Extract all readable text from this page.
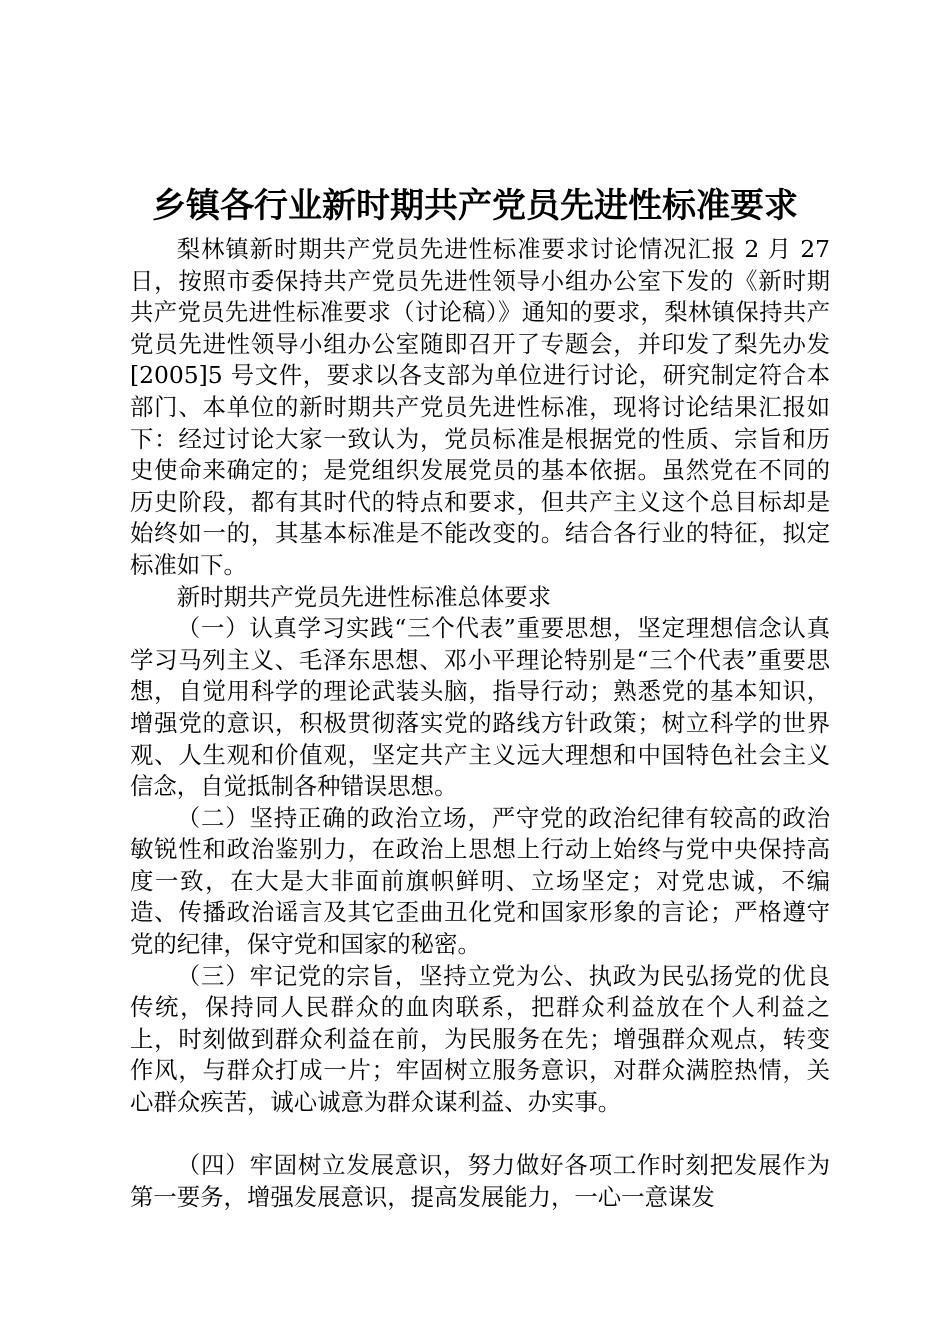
乡镇各行业新时期共产党员先进性标准要求

梨林镇新时期共产党员先进性标准要求讨论情况汇报 2 月 27 日，按照市委保持共产党员先进性领导小组办公室下发的《新时期共产党员先进性标准要求（讨论稿）》通知的要求，梨林镇保持共产党员先进性领导小组办公室随即召开了专题会，并印发了梨先办发[2005]5 号文件，要求以各支部为单位进行讨论，研究制定符合本部门、本单位的新时期共产党员先进性标准，现将讨论结果汇报如下：经过讨论大家一致认为，党员标准是根据党的性质、宗旨和历史使命来确定的；是党组织发展党员的基本依据。虽然党在不同的历史阶段，都有其时代的特点和要求，但共产主义这个总目标却是始终如一的，其基本标准是不能改变的。结合各行业的特征，拟定标准如下。

新时期共产党员先进性标准总体要求

（一）认真学习实践“三个代表”重要思想，坚定理想信念认真学习马列主义、毛泽东思想、邓小平理论特别是“三个代表”重要思想，自觉用科学的理论武装头脑，指导行动；熟悉党的基本知识，增强党的意识，积极贯彻落实党的路线方针政策；树立科学的世界观、人生观和价值观，坚定共产主义远大理想和中国特色社会主义信念，自觉抵制各种错误思想。

（二）坚持正确的政治立场，严守党的政治纪律有较高的政治敏锐性和政治鉴别力，在政治上思想上行动上始终与党中央保持高度一致，在大是大非面前旗帜鲜明、立场坚定；对党忠诚，不编造、传播政治谣言及其它歪曲丑化党和国家形象的言论；严格遵守党的纪律，保守党和国家的秘密。

（三）牢记党的宗旨，坚持立党为公、执政为民弘扬党的优良传统，保持同人民群众的血肉联系，把群众利益放在个人利益之上，时刻做到群众利益在前，为民服务在先；增强群众观点，转变作风，与群众打成一片；牢固树立服务意识，对群众满腔热情，关心群众疾苦，诚心诚意为群众谋利益、办实事。

（四）牢固树立发展意识，努力做好各项工作时刻把发展作为第一要务，增强发展意识，提高发展能力，一心一意谋发
